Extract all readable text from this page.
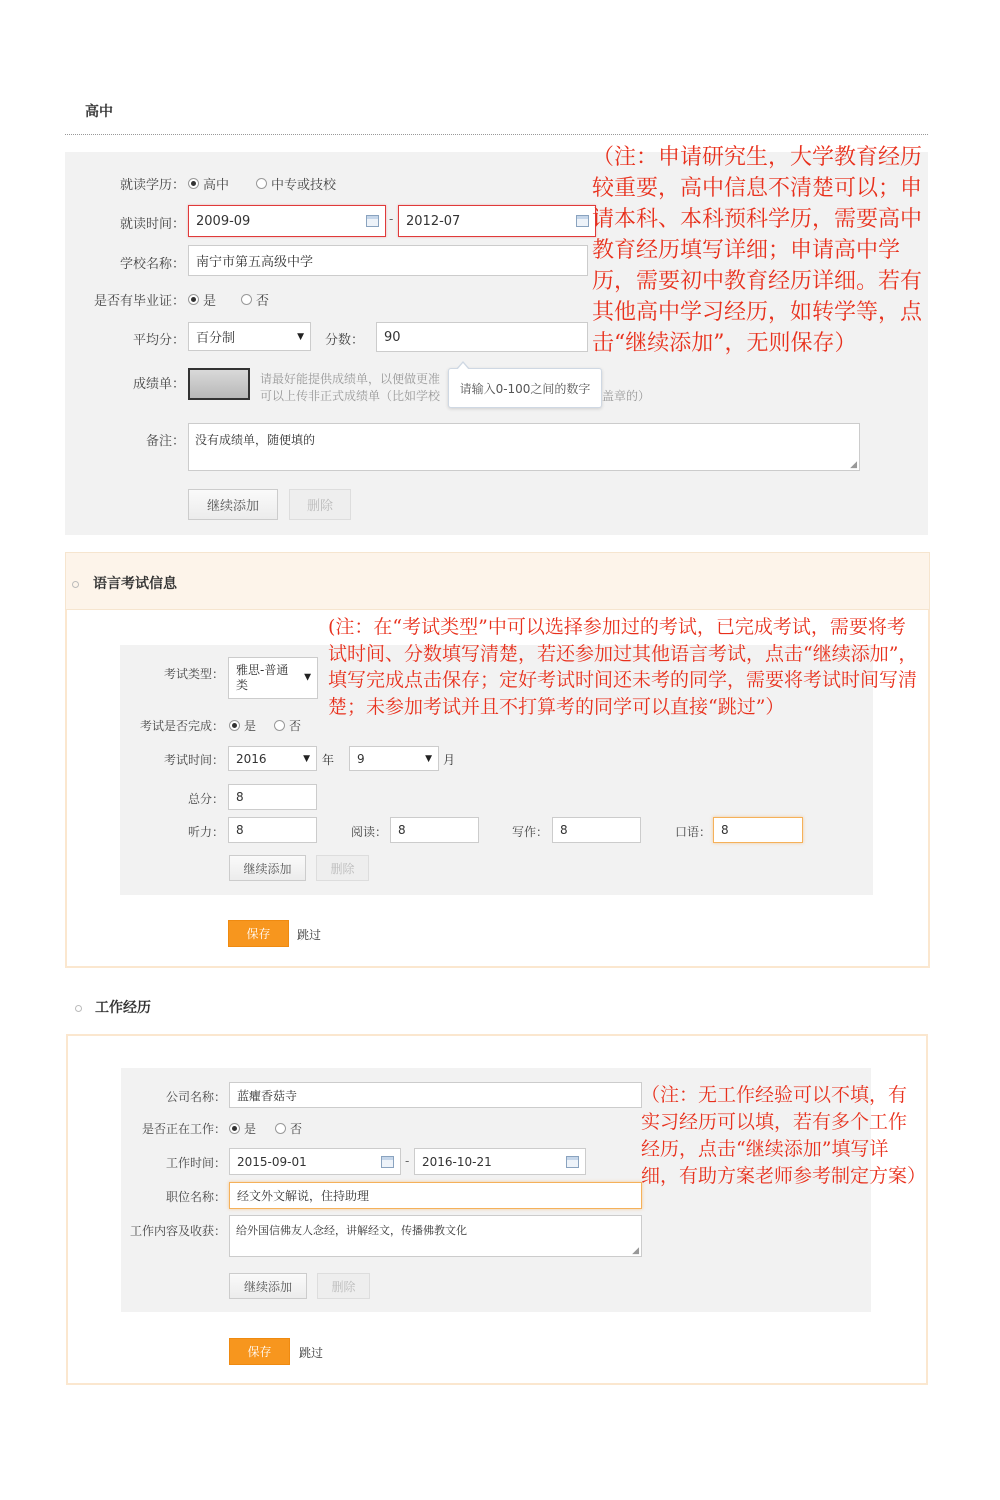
高中
就读学历： 高中	中专或技校
就读时间： 2009-09	- 2012-07
学校名称： 南宁市第五高级中学
是否有毕业证： 是	否
平均分： 百分制	▼ 分数： 90
成绩单：	请最好能提供成绩单，以便做更准
可以上传非正式成绩单（比如学校	盖章的）
请输入0-100之间的数字
备注： 没有成绩单，随便填的
◢
继续添加	删除
（注：申请研究生，大学教育经历较重要，高中信息不清楚可以；申请本科、本科预科学历，需要高中教育经历填写详细；申请高中学历，需要初中教育经历详细。若有其他高中学习经历，如转学等，点击“继续添加”，无则保存）
语言考试信息
考试类型： 雅思-普通
类
▼
考试是否完成： 是	否
考试时间： 2016	▼ 年 9	▼ 月
总分： 8
听力： 8	阅读： 8	写作： 8	口语： 8
继续添加	删除
保存	跳过
(注：在“考试类型”中可以选择参加过的考试，已完成考试，需要将考试时间、分数填写清楚，若还参加过其他语言考试，点击“继续添加”，填写完成点击保存；定好考试时间还未考的同学，需要将考试时间写清楚；未参加考试并且不打算考的同学可以直接“跳过”）
工作经历
公司名称： 蓝癯香菇寺
是否正在工作： 是	否
工作时间： 2015-09-01	- 2016-10-21
职位名称： 经文外文解说，住持助理
工作内容及收获： 给外国信佛友人念经，讲解经文，传播佛教文化
◢
继续添加	删除
保存	跳过
（注：无工作经验可以不填，有实习经历可以填，若有多个工作经历，点击“继续添加”填写详细，有助方案老师参考制定方案）
